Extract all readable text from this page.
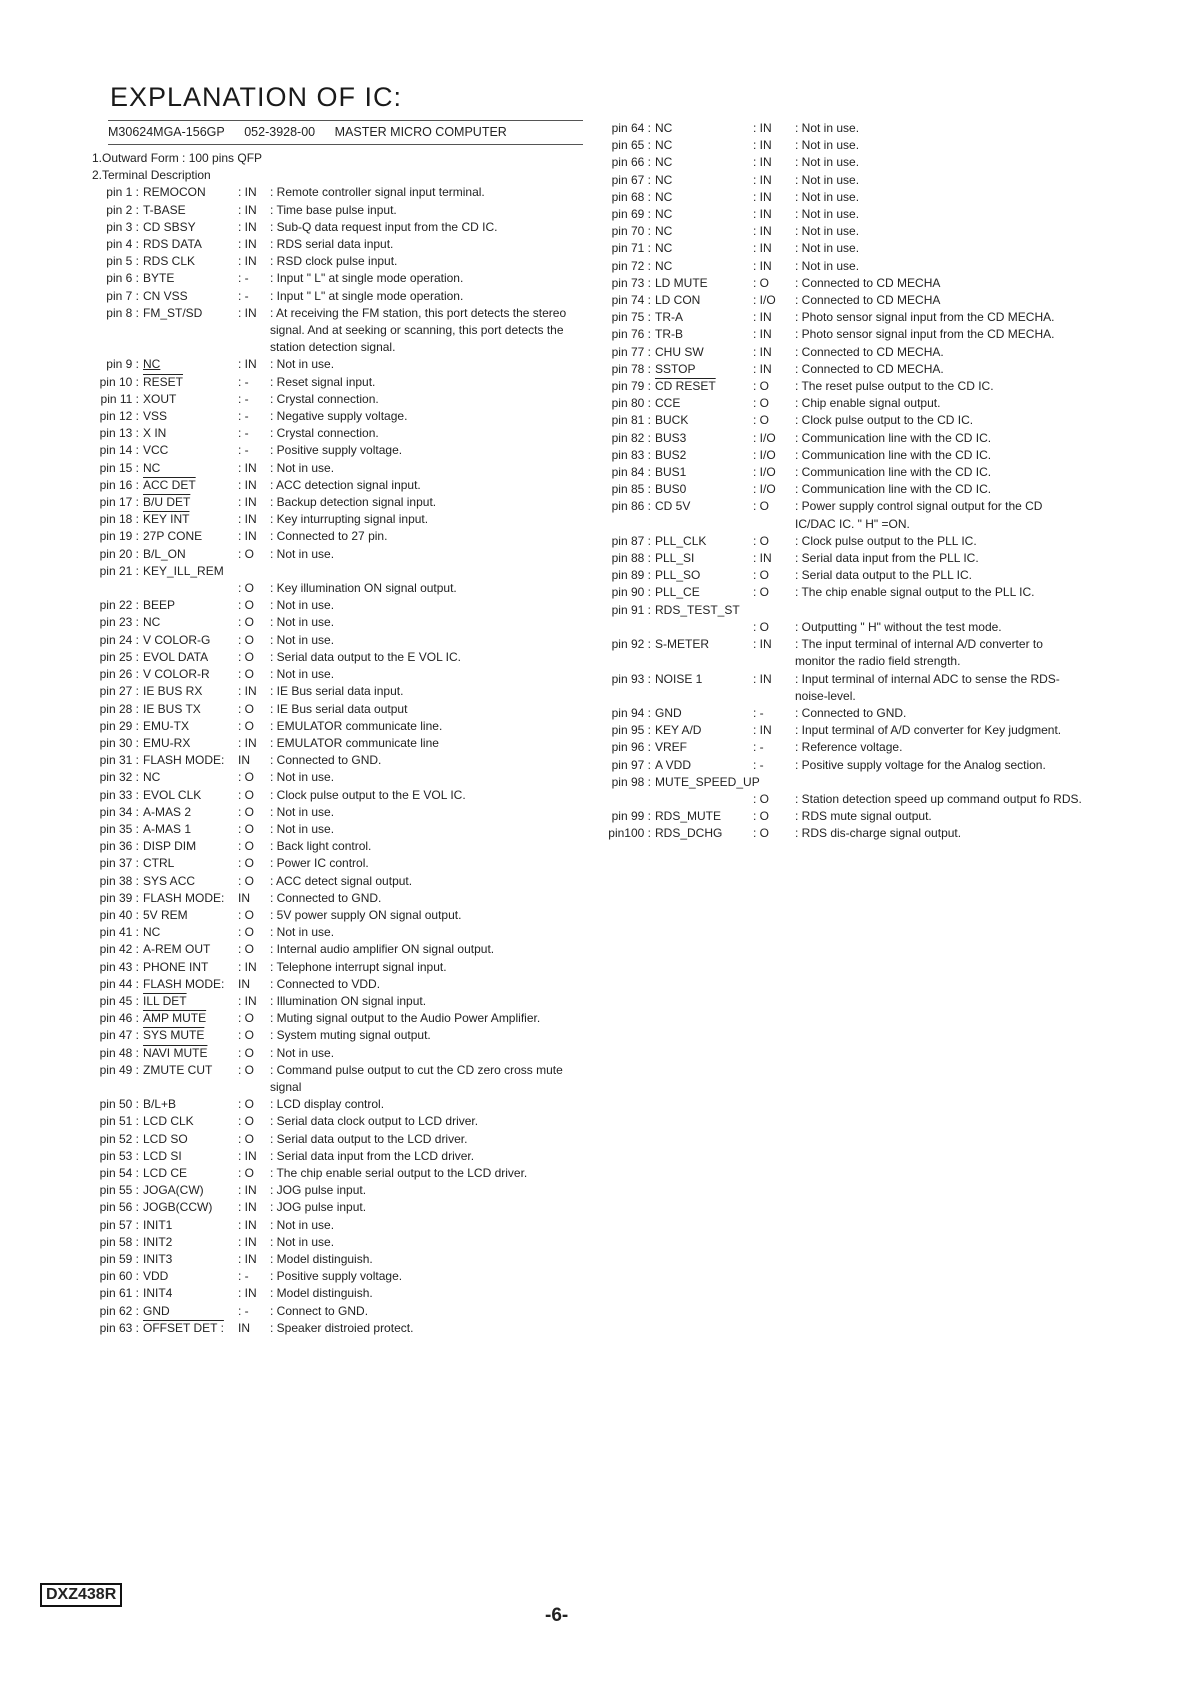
EXPLANATION OF IC:
M30624MGA-156GP 052-3928-00 MASTER MICRO COMPUTER
1.Outward Form : 100 pins QFP
2.Terminal Description
pin 1 : REMOCON	: IN	: Remote controller signal input terminal.
pin 2 : T-BASE	: IN	: Time base pulse input.
pin 3 : CD SBSY	: IN	: Sub-Q data request input from the CD IC.
pin 4 : RDS DATA	: IN	: RDS serial data input.
pin 5 : RDS CLK	: IN	: RSD clock pulse input.
pin 6 : BYTE	: -	: Input " L" at single mode operation.
pin 7 : CN VSS	: -	: Input " L" at single mode operation.
pin 8 : FM_ST/SD	: IN	: At receiving the FM station, this port detects the stereo signal. And at seeking or scanning, this port detects the station detection signal.
pin 9 : NC	: IN	: Not in use.
pin 10 : RESET	: -	: Reset signal input.
pin 11 : XOUT	: -	: Crystal connection.
pin 12 : VSS	: -	: Negative supply voltage.
pin 13 : X IN	: -	: Crystal connection.
pin 14 : VCC	: -	: Positive supply voltage.
pin 15 : NC	: IN	: Not in use.
pin 16 : ACC DET	: IN	: ACC detection signal input.
pin 17 : B/U DET	: IN	: Backup detection signal input.
pin 18 : KEY INT	: IN	: Key inturrupting signal input.
pin 19 : 27P CONE	: IN	: Connected to 27 pin.
pin 20 : B/L_ON	: O	: Not in use.
pin 21 : KEY_ILL_REM
: O	: Key illumination ON signal output.
pin 22 : BEEP	: O	: Not in use.
pin 23 : NC	: O	: Not in use.
pin 24 : V COLOR-G	: O	: Not in use.
pin 25 : EVOL DATA	: O	: Serial data output to the E VOL IC.
pin 26 : V COLOR-R	: O	: Not in use.
pin 27 : IE BUS RX	: IN	: IE Bus serial data input.
pin 28 : IE BUS TX	: O	: IE Bus serial data output
pin 29 : EMU-TX	: O	: EMULATOR communicate line.
pin 30 : EMU-RX	: IN	: EMULATOR communicate line
pin 31 : FLASH MODE:	IN	: Connected to GND.
pin 32 : NC	: O	: Not in use.
pin 33 : EVOL CLK	: O	: Clock pulse output to the E VOL IC.
pin 34 : A-MAS 2	: O	: Not in use.
pin 35 : A-MAS 1	: O	: Not in use.
pin 36 : DISP DIM	: O	: Back light control.
pin 37 : CTRL	: O	: Power IC control.
pin 38 : SYS ACC	: O	: ACC detect signal output.
pin 39 : FLASH MODE:	IN	: Connected to GND.
pin 40 : 5V REM	: O	: 5V power supply ON signal output.
pin 41 : NC	: O	: Not in use.
pin 42 : A-REM OUT	: O	: Internal audio amplifier ON signal output.
pin 43 : PHONE INT	: IN	: Telephone interrupt signal input.
pin 44 : FLASH MODE:	IN	: Connected to VDD.
pin 45 : ILL DET	: IN	: Illumination ON signal input.
pin 46 : AMP MUTE	: O	: Muting signal output to the Audio Power Amplifier.
pin 47 : SYS MUTE	: O	: System muting signal output.
pin 48 : NAVI MUTE	: O	: Not in use.
pin 49 : ZMUTE CUT	: O	: Command pulse output to cut the CD zero cross mute signal
pin 50 : B/L+B	: O	: LCD display control.
pin 51 : LCD CLK	: O	: Serial data clock output to LCD driver.
pin 52 : LCD SO	: O	: Serial data output to the LCD driver.
pin 53 : LCD SI	: IN	: Serial data input from the LCD driver.
pin 54 : LCD CE	: O	: The chip enable serial output to the LCD driver.
pin 55 : JOGA(CW)	: IN	: JOG pulse input.
pin 56 : JOGB(CCW)	: IN	: JOG pulse input.
pin 57 : INIT1	: IN	: Not in use.
pin 58 : INIT2	: IN	: Not in use.
pin 59 : INIT3	: IN	: Model distinguish.
pin 60 : VDD	: -	: Positive supply voltage.
pin 61 : INIT4	: IN	: Model distinguish.
pin 62 : GND	: -	: Connect to GND.
pin 63 : OFFSET DET :	IN	: Speaker distroied protect.
pin 64 : NC	: IN	: Not in use.
pin 65 : NC	: IN	: Not in use.
pin 66 : NC	: IN	: Not in use.
pin 67 : NC	: IN	: Not in use.
pin 68 : NC	: IN	: Not in use.
pin 69 : NC	: IN	: Not in use.
pin 70 : NC	: IN	: Not in use.
pin 71 : NC	: IN	: Not in use.
pin 72 : NC	: IN	: Not in use.
pin 73 : LD MUTE	: O	: Connected to CD MECHA
pin 74 : LD CON	: I/O	: Connected to CD MECHA
pin 75 : TR-A	: IN	: Photo sensor signal input from the CD MECHA.
pin 76 : TR-B	: IN	: Photo sensor signal input from the CD MECHA.
pin 77 : CHU SW	: IN	: Connected to CD MECHA.
pin 78 : SSTOP	: IN	: Connected to CD MECHA.
pin 79 : CD RESET	: O	: The reset pulse output to the CD IC.
pin 80 : CCE	: O	: Chip enable signal output.
pin 81 : BUCK	: O	: Clock pulse output to the CD IC.
pin 82 : BUS3	: I/O	: Communication line with the CD IC.
pin 83 : BUS2	: I/O	: Communication line with the CD IC.
pin 84 : BUS1	: I/O	: Communication line with the CD IC.
pin 85 : BUS0	: I/O	: Communication line with the CD IC.
pin 86 : CD 5V	: O	: Power supply control signal output for the CD IC/DAC IC. " H" =ON.
pin 87 : PLL_CLK	: O	: Clock pulse output to the PLL IC.
pin 88 : PLL_SI	: IN	: Serial data input from the PLL IC.
pin 89 : PLL_SO	: O	: Serial data output to the PLL IC.
pin 90 : PLL_CE	: O	: The chip enable signal output to the PLL IC.
pin 91 : RDS_TEST_ST
: O	: Outputting " H" without the test mode.
pin 92 : S-METER	: IN	: The input terminal of internal A/D converter to monitor the radio field strength.
pin 93 : NOISE 1	: IN	: Input terminal of internal ADC to sense the RDS-noise-level.
pin 94 : GND	: -	: Connected to GND.
pin 95 : KEY A/D	: IN	: Input terminal of A/D converter for Key judgment.
pin 96 : VREF	: -	: Reference voltage.
pin 97 : A VDD	: -	: Positive supply voltage for the Analog section.
pin 98 : MUTE_SPEED_UP
: O	: Station detection speed up command output fo RDS.
pin 99 : RDS_MUTE	: O	: RDS mute signal output.
pin100 : RDS_DCHG	: O	: RDS dis-charge signal output.
DXZ438R
-6-
